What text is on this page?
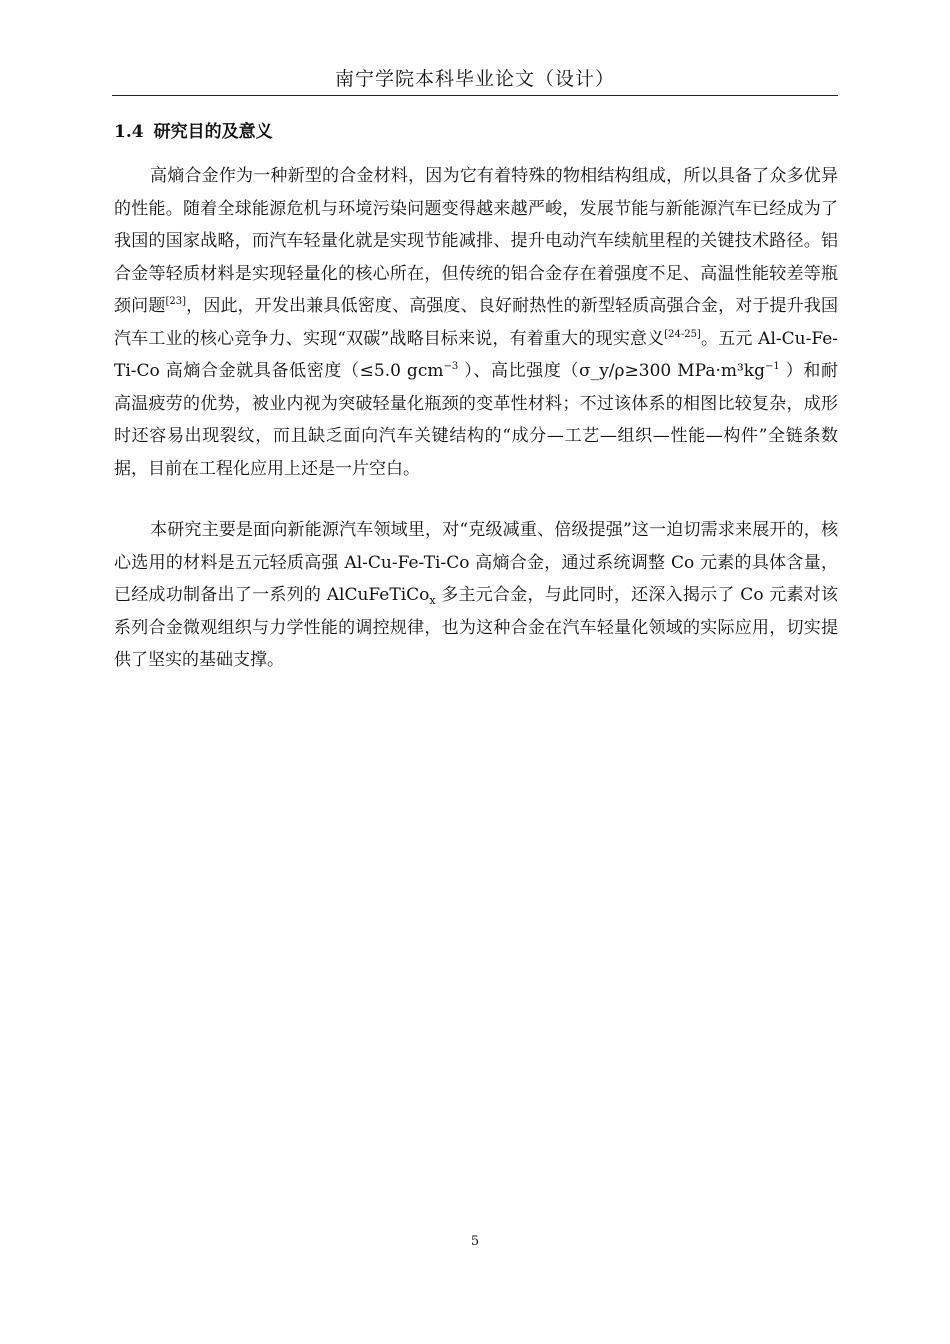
南宁学院本科毕业论文（设计）
1.4 研究目的及意义

高熵合金作为一种新型的合金材料，因为它有着特殊的物相结构组成，所以具备了众多优异的性能。随着全球能源危机与环境污染问题变得越来越严峻，发展节能与新能源汽车已经成为了我国的国家战略，而汽车轻量化就是实现节能减排、提升电动汽车续航里程的关键技术路径。铝合金等轻质材料是实现轻量化的核心所在，但传统的铝合金存在着强度不足、高温性能较差等瓶颈问题[23]，因此，开发出兼具低密度、高强度、良好耐热性的新型轻质高强合金，对于提升我国汽车工业的核心竞争力、实现“双碳”战略目标来说，有着重大的现实意义[24-25]。五元 Al-Cu-Fe-Ti-Co 高熵合金就具备低密度（≤5.0 gcm$^{-3}$ ）、高比强度（σ_y/ρ≥300 $MPa\cdot m^3kg^{-1}$ ）和耐高温疲劳的优势，被业内视为突破轻量化瓶颈的变革性材料；不过该体系的相图比较复杂，成形时还容易出现裂纹，而且缺乏面向汽车关键结构的“成分—工艺—组织—性能—构件”全链条数据，目前在工程化应用上还是一片空白。

本研究主要是面向新能源汽车领域里，对“克级减重、倍级提强”这一迫切需求来展开的，核心选用的材料是五元轻质高强 Al-Cu-Fe-Ti-Co 高熵合金，通过系统调整 Co 元素的具体含量，已经成功制备出了一系列的 AlCuFeTiCo$_x$ 多主元合金，与此同时，还深入揭示了 Co 元素对该系列合金微观组织与力学性能的调控规律，也为这种合金在汽车轻量化领域的实际应用，切实提供了坚实的基础支撑。

5
